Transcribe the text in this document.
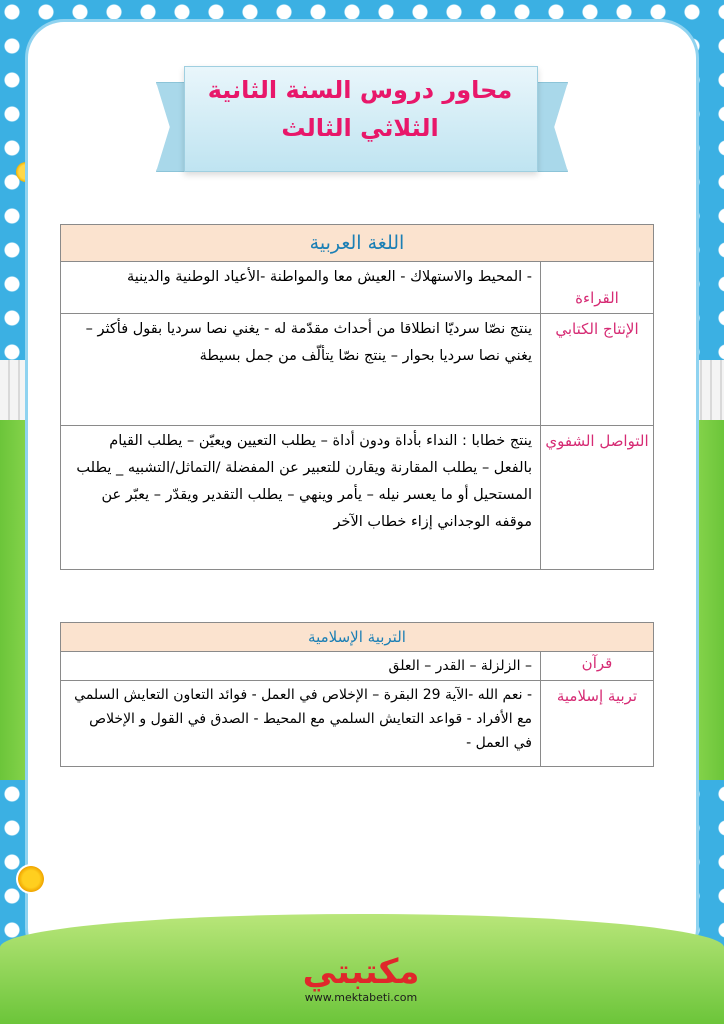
محاور دروس السنة الثانية
الثلاثي الثالث
اللغة العربية	
القراءة	- المحيط والاستهلاك - العيش معا والمواطنة -الأعياد الوطنية والدينية
الإنتاج الكتابي	ينتج نصّا سرديّا انطلاقا من أحداث مقدّمة له - يغني نصا سرديا بقول فأكثر – يغني نصا سرديا بحوار – ينتج نصّا يتألّف من جمل بسيطة
التواصل الشفوي	ينتج خطابا : النداء بأداة ودون أداة – يطلب التعيين ويعيّن – يطلب القيام بالفعل – يطلب المقارنة ويقارن للتعبير عن المفضلة /التماثل/التشبيه _ يطلب المستحيل أو ما يعسر نيله – يأمر وينهي – يطلب التقدير ويقدّر – يعبّر عن موقفه الوجداني إزاء خطاب الآخر
التربية الإسلامية	
قرآن	– الزلزلة – القدر – العلق
تربية إسلامية	- نعم الله -الآية 29 البقرة – الإخلاص في العمل - فوائد التعاون التعايش السلمي مع الأفراد - قواعد التعايش السلمي مع المحيط - الصدق في القول و الإخلاص في العمل -
مكتبتي
www.mektabeti.com
